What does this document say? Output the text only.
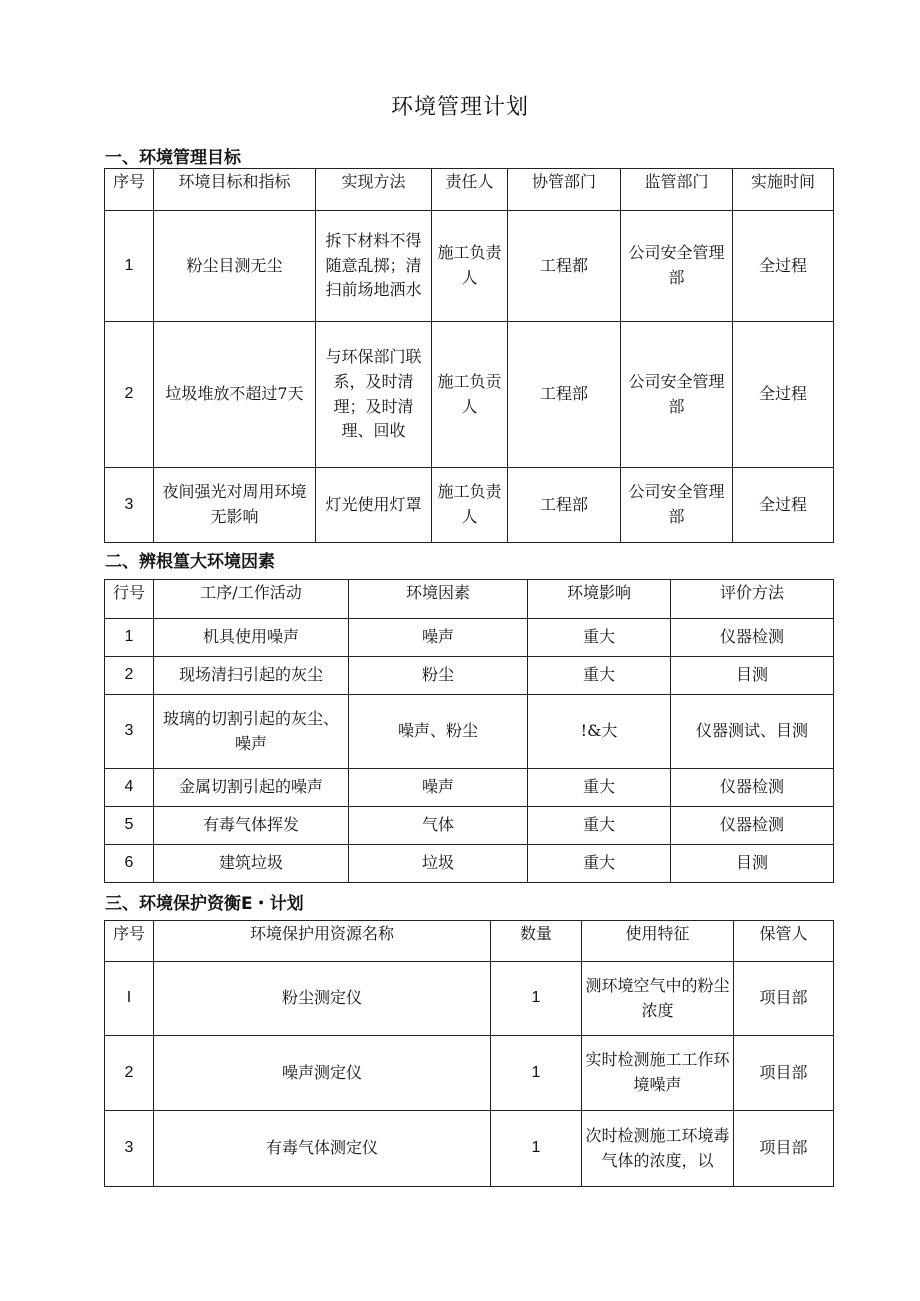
环境管理计划
一、环境管理目标
序号	环境目标和指标	实现方法	责任人	协管部门	监管部门	实施时间
1	粉尘目测无尘	拆下材料不得随意乱掷；清扫前场地洒水	施工负责人	工程都	公司安全管理部	全过程
2	垃圾堆放不超过7天	与环保部门联系，及时清理；及时清理、回收	施工负贡人	工程部	公司安全管理部	全过程
3	夜间强光对周用环境无影响	灯光使用灯罩	施工负责人	工程部	公司安全管理部	全过程
二、辨根篁大环境因素
行号	工序/工作活动	环境因素	环境影响	评价方法
1	机具使用噪声	噪声	重大	仪器检测
2	现场清扫引起的灰尘	粉尘	重大	目测
3	玻璃的切割引起的灰尘、噪声	噪声、粉尘	!&大	仪器测试、目测
4	金属切割引起的噪声	噪声	重大	仪器检测
5	有毒气体挥发	气体	重大	仪器检测
6	建筑垃圾	垃圾	重大	目测
三、环境保护资衡E・计划
序号	环境保护用资源名称	数量	使用特征	保管人
I	粉尘测定仪	1	测环境空气中的粉尘浓度	项目部
2	噪声测定仪	1	实时检测施工工作环境噪声	项目部
3	有毒气体测定仪	1	次时检测施工环境毒气体的浓度，以	项目部
